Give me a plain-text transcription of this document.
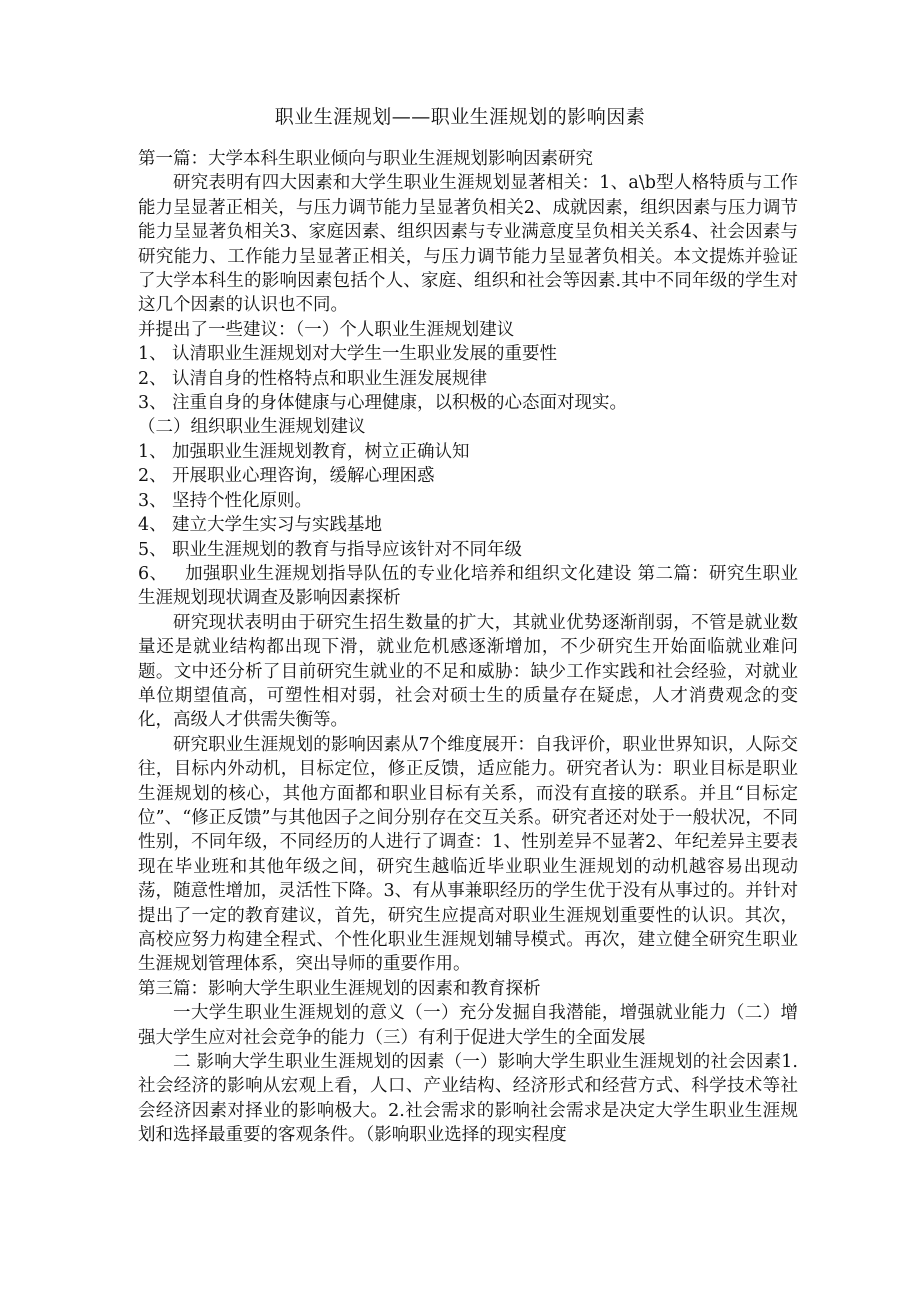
职业生涯规划——职业生涯规划的影响因素

第一篇：大学本科生职业倾向与职业生涯规划影响因素研究

研究表明有四大因素和大学生职业生涯规划显著相关：1、a\b型人格特质与工作能力呈显著正相关，与压力调节能力呈显著负相关2、成就因素，组织因素与压力调节能力呈显著负相关3、家庭因素、组织因素与专业满意度呈负相关关系4、社会因素与研究能力、工作能力呈显著正相关，与压力调节能力呈显著负相关。本文提炼并验证了大学本科生的影响因素包括个人、家庭、组织和社会等因素.其中不同年级的学生对这几个因素的认识也不同。

并提出了一些建议：（一）个人职业生涯规划建议

1、 认清职业生涯规划对大学生一生职业发展的重要性
2、 认清自身的性格特点和职业生涯发展规律
3、 注重自身的身体健康与心理健康，以积极的心态面对现实。

（二）组织职业生涯规划建议

1、 加强职业生涯规划教育，树立正确认知
2、 开展职业心理咨询，缓解心理困惑
3、 坚持个性化原则。
4、 建立大学生实习与实践基地
5、 职业生涯规划的教育与指导应该针对不同年级

6、 加强职业生涯规划指导队伍的专业化培养和组织文化建设 第二篇：研究生职业生涯规划现状调查及影响因素探析

研究现状表明由于研究生招生数量的扩大，其就业优势逐渐削弱，不管是就业数量还是就业结构都出现下滑，就业危机感逐渐增加，不少研究生开始面临就业难问题。文中还分析了目前研究生就业的不足和威胁：缺少工作实践和社会经验，对就业单位期望值高，可塑性相对弱，社会对硕士生的质量存在疑虑，人才消费观念的变化，高级人才供需失衡等。

研究职业生涯规划的影响因素从7个维度展开：自我评价，职业世界知识，人际交往，目标内外动机，目标定位，修正反馈，适应能力。研究者认为：职业目标是职业生涯规划的核心，其他方面都和职业目标有关系，而没有直接的联系。并且“目标定位”、“修正反馈”与其他因子之间分别存在交互关系。研究者还对处于一般状况，不同性别，不同年级，不同经历的人进行了调查：1、性别差异不显著2、年纪差异主要表现在毕业班和其他年级之间，研究生越临近毕业职业生涯规划的动机越容易出现动荡，随意性增加，灵活性下降。3、有从事兼职经历的学生优于没有从事过的。并针对提出了一定的教育建议，首先，研究生应提高对职业生涯规划重要性的认识。其次，高校应努力构建全程式、个性化职业生涯规划辅导模式。再次，建立健全研究生职业生涯规划管理体系，突出导师的重要作用。

第三篇：影响大学生职业生涯规划的因素和教育探析

一大学生职业生涯规划的意义（一）充分发掘自我潜能，增强就业能力（二）增强大学生应对社会竞争的能力（三）有利于促进大学生的全面发展

二 影响大学生职业生涯规划的因素（一）影响大学生职业生涯规划的社会因素1.社会经济的影响从宏观上看，人口、产业结构、经济形式和经营方式、科学技术等社会经济因素对择业的影响极大。2.社会需求的影响社会需求是决定大学生职业生涯规划和选择最重要的客观条件。（影响职业选择的现实程度
